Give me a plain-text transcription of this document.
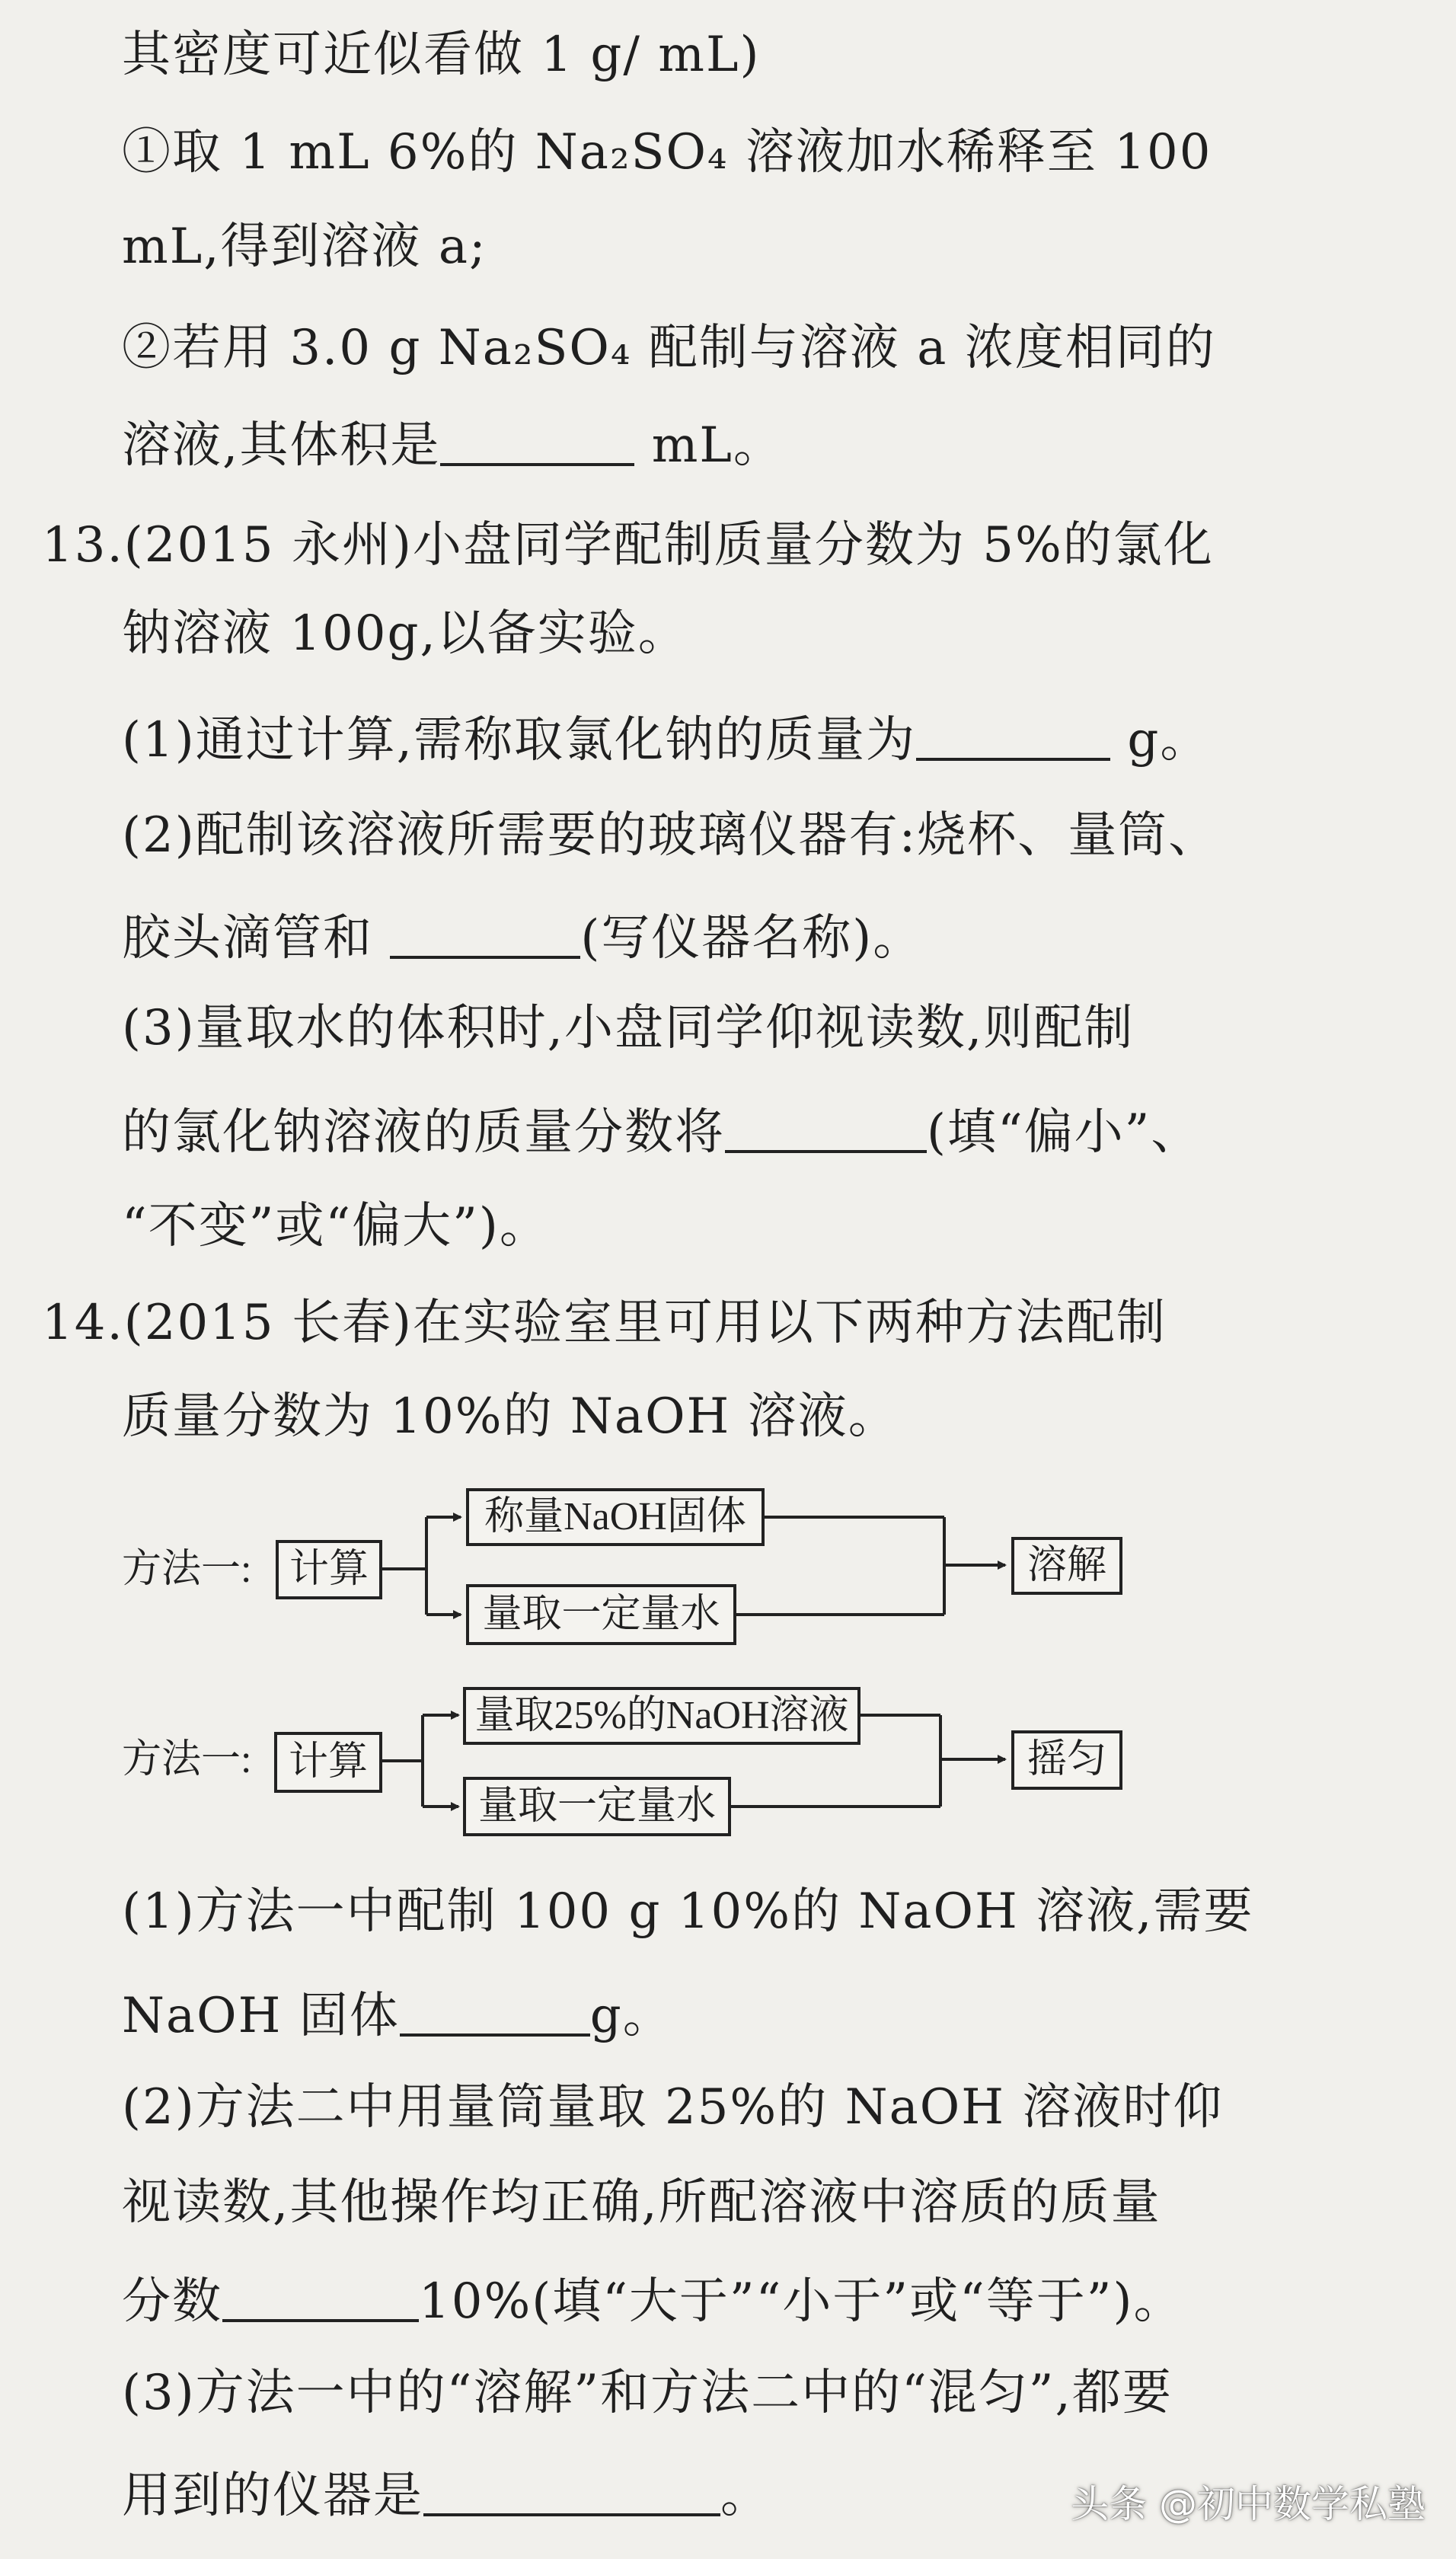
其密度可近似看做 1 g/ mL)
①取 1 mL 6%的 Na₂SO₄ 溶液加水稀释至 100
mL,得到溶液 a;
②若用 3.0 g Na₂SO₄ 配制与溶液 a 浓度相同的
溶液,其体积是	mL。
13.(2015 永州)小盘同学配制质量分数为 5%的氯化
钠溶液 100g,以备实验。
(1)通过计算,需称取氯化钠的质量为	g。
(2)配制该溶液所需要的玻璃仪器有:烧杯、量筒、
胶头滴管和	(写仪器名称)。
(3)量取水的体积时,小盘同学仰视读数,则配制
的氯化钠溶液的质量分数将	(填“偏小”、
“不变”或“偏大”)。
14.(2015 长春)在实验室里可用以下两种方法配制
质量分数为 10%的 NaOH 溶液。
方法一: 计算
称量NaOH固体
量取一定量水
溶解
方法一: 计算
量取25%的NaOH溶液
量取一定量水
摇匀
(1)方法一中配制 100 g 10%的 NaOH 溶液,需要
NaOH 固体	g。
(2)方法二中用量筒量取 25%的 NaOH 溶液时仰
视读数,其他操作均正确,所配溶液中溶质的质量
分数	10%(填“大于”“小于”或“等于”)。
(3)方法一中的“溶解”和方法二中的“混匀”,都要
用到的仪器是	。	头条 @初中数学私塾
